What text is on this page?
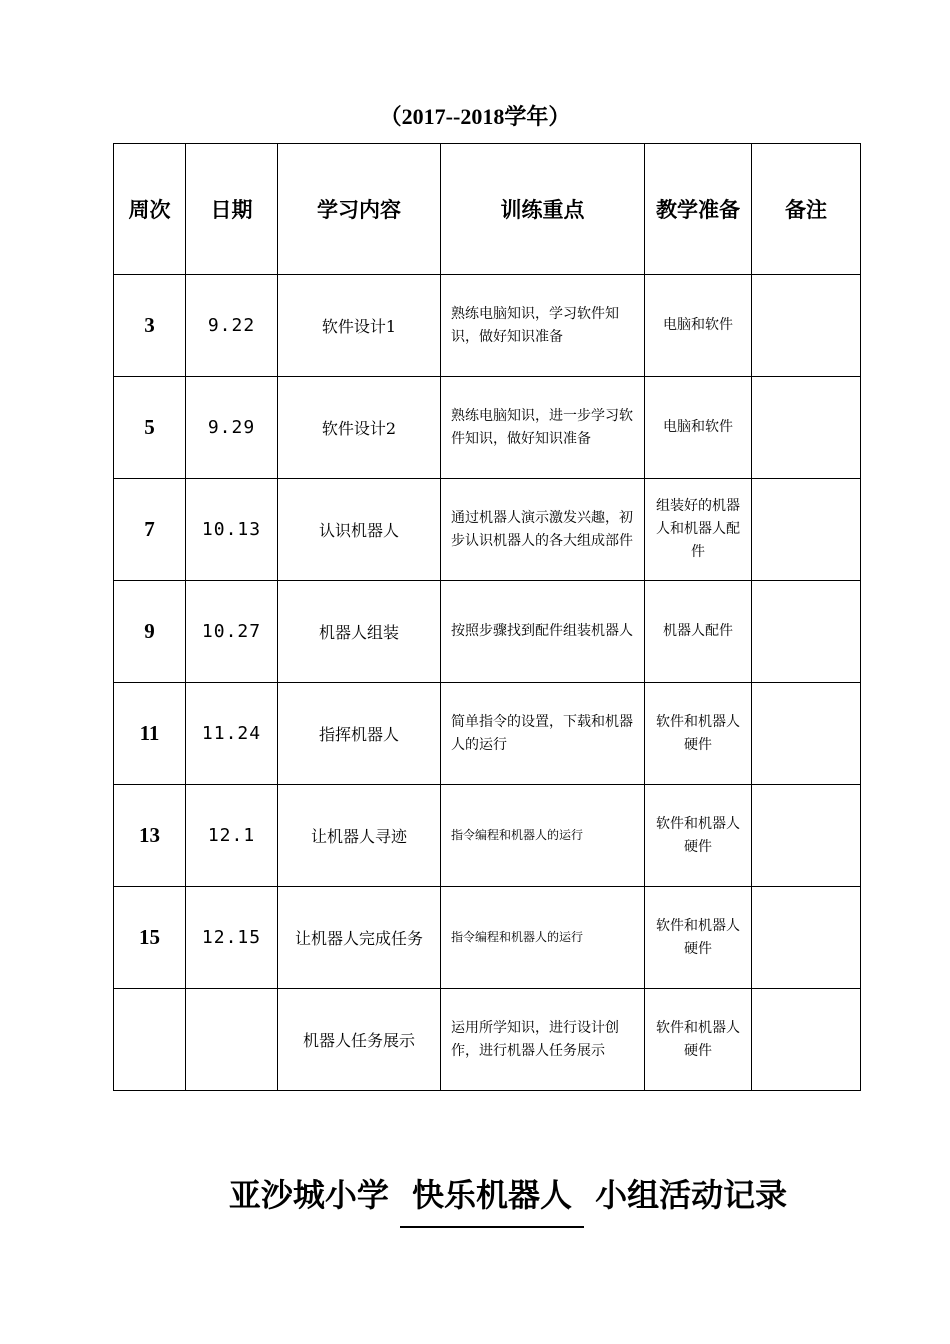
（2017--2018学年）
周次	日期	学习内容	训练重点	教学准备	备注
3	9.22	软件设计1	熟练电脑知识，学习软件知识，做好知识准备	电脑和软件	
5	9.29	软件设计2	熟练电脑知识，进一步学习软件知识，做好知识准备	电脑和软件	
7	10.13	认识机器人	通过机器人演示激发兴趣，初步认识机器人的各大组成部件	组装好的机器人和机器人配件	
9	10.27	机器人组装	按照步骤找到配件组装机器人	机器人配件	
11	11.24	指挥机器人	简单指令的设置，下载和机器人的运行	软件和机器人硬件	
13	12.1	让机器人寻迹	指令编程和机器人的运行	软件和机器人硬件	
15	12.15	让机器人完成任务	指令编程和机器人的运行	软件和机器人硬件	
		机器人任务展示	运用所学知识，进行设计创作，进行机器人任务展示	软件和机器人硬件	
亚沙城小学 快乐机器人 小组活动记录
